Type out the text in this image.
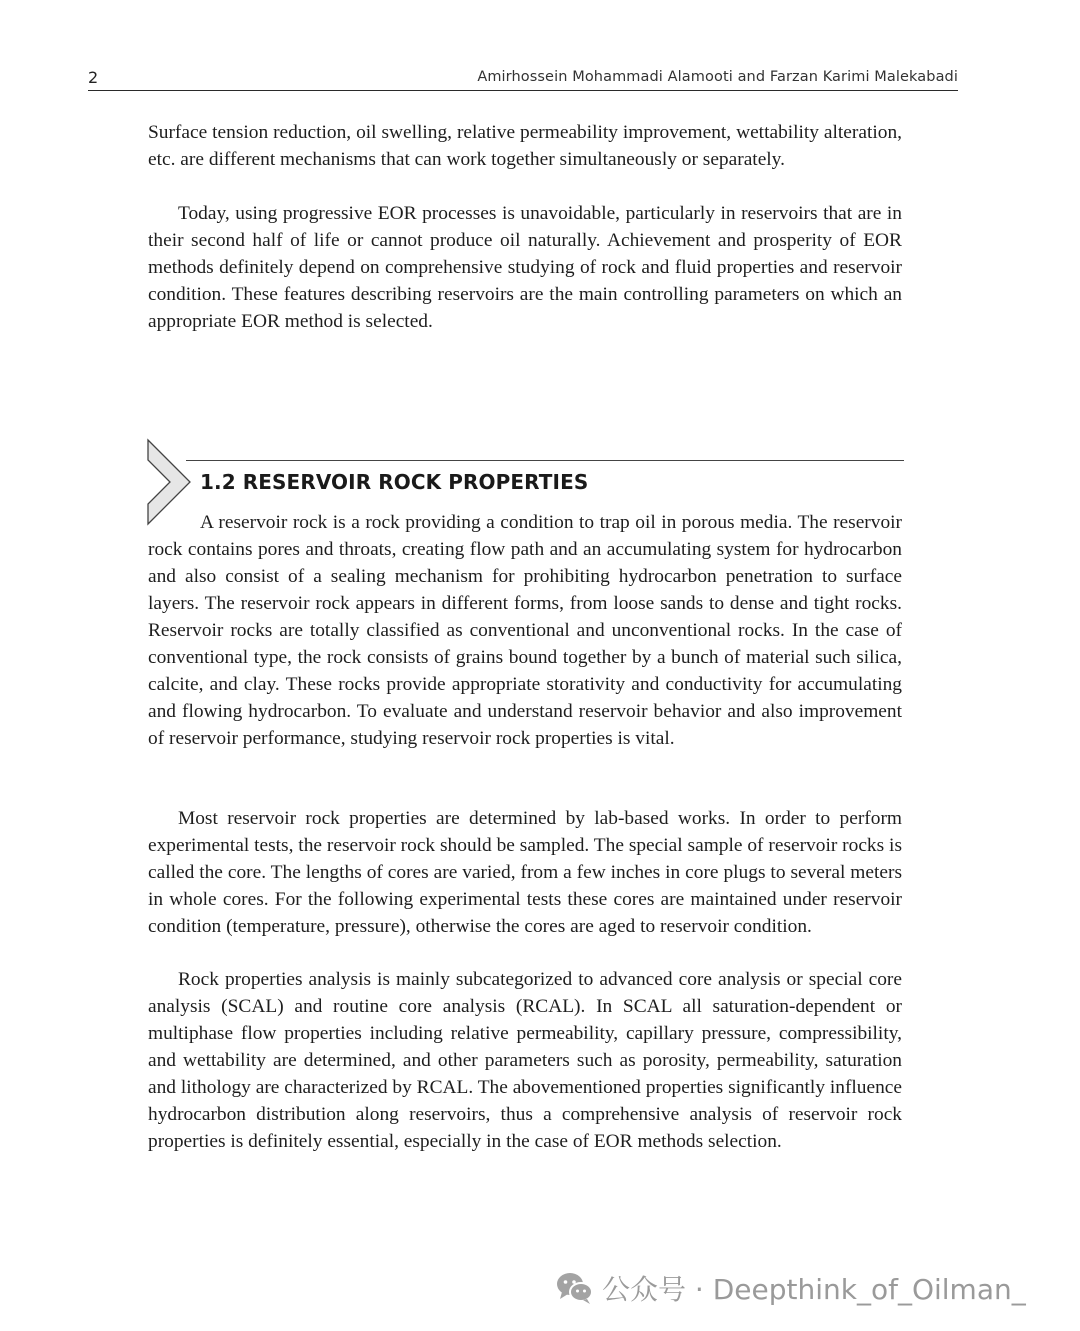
2	Amirhossein Mohammadi Alamooti and Farzan Karimi Malekabadi

Surface tension reduction, oil swelling, relative permeability improvement, wettability alteration, etc. are different mechanisms that can work together simultaneously or separately.

Today, using progressive EOR processes is unavoidable, particularly in reservoirs that are in their second half of life or cannot produce oil naturally. Achievement and prosperity of EOR methods definitely depend on comprehensive studying of rock and fluid properties and reservoir condition. These features describing reservoirs are the main controlling parameters on which an appropriate EOR method is selected.

1.2 RESERVOIR ROCK PROPERTIES

A reservoir rock is a rock providing a condition to trap oil in porous media. The reservoir rock contains pores and throats, creating flow path and an accumulating system for hydrocarbon and also consist of a sealing mechanism for prohibiting hydrocarbon penetration to surface layers. The reservoir rock appears in different forms, from loose sands to dense and tight rocks. Reservoir rocks are totally classified as conventional and unconventional rocks. In the case of conventional type, the rock consists of grains bound together by a bunch of material such silica, calcite, and clay. These rocks provide appropriate storativity and conductivity for accumulating and flowing hydrocarbon. To evaluate and understand reservoir behavior and also improvement of reservoir performance, studying reservoir rock properties is vital.

Most reservoir rock properties are determined by lab-based works. In order to perform experimental tests, the reservoir rock should be sampled. The special sample of reservoir rocks is called the core. The lengths of cores are varied, from a few inches in core plugs to several meters in whole cores. For the following experimental tests these cores are maintained under reservoir condition (temperature, pressure), otherwise the cores are aged to reservoir condition.

Rock properties analysis is mainly subcategorized to advanced core analysis or special core analysis (SCAL) and routine core analysis (RCAL). In SCAL all saturation-dependent or multiphase flow properties including relative permeability, capillary pressure, compressibility, and wettability are determined, and other parameters such as porosity, permeability, saturation and lithology are characterized by RCAL. The abovementioned properties significantly influence hydrocarbon distribution along reservoirs, thus a comprehensive analysis of reservoir rock properties is definitely essential, especially in the case of EOR methods selection.

公众号 · Deepthink_of_Oilman_
